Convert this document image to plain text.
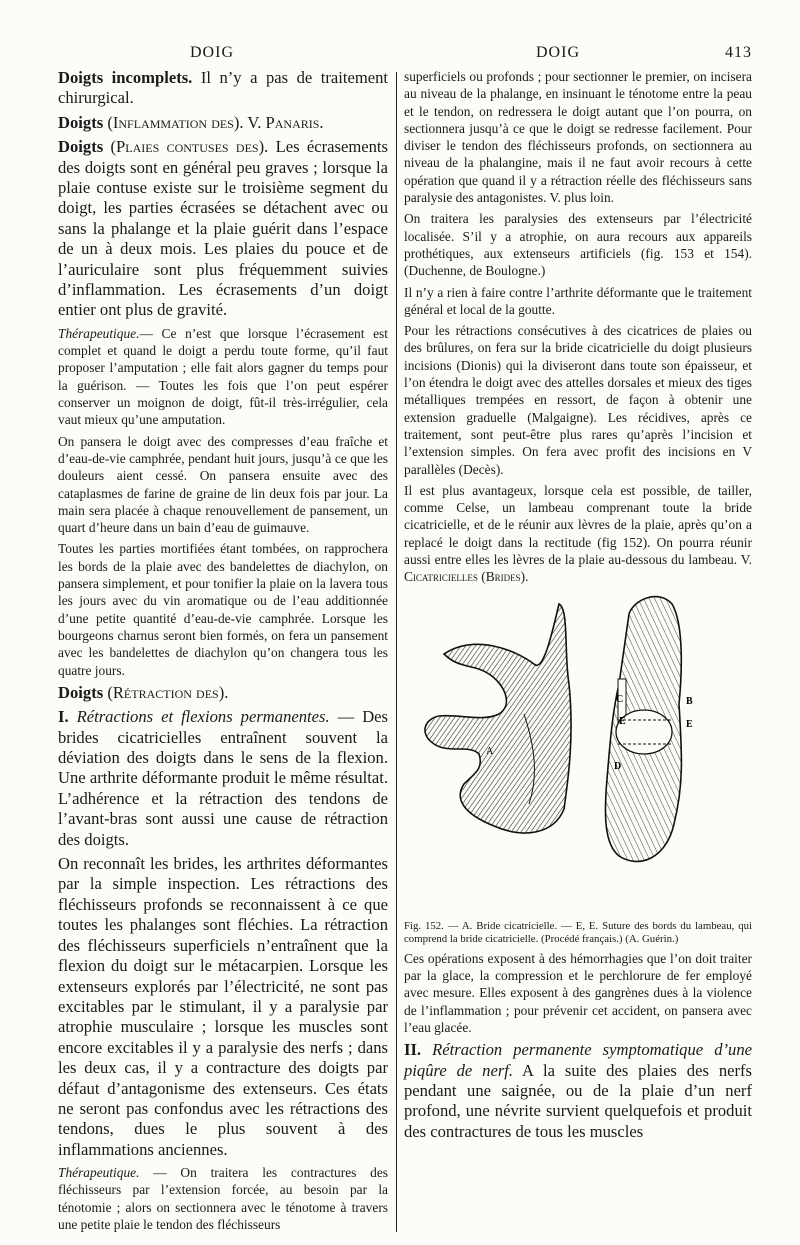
DOIG	DOIG	413

Doigts incomplets. Il n’y a pas de traitement chirurgical.

Doigts (Inflammation des). V. Panaris.

Doigts (Plaies contuses des). Les écrasements des doigts sont en général peu graves ; lorsque la plaie contuse existe sur le troisième segment du doigt, les parties écrasées se détachent avec ou sans la phalange et la plaie guérit dans l’espace de un à deux mois. Les plaies du pouce et de l’auriculaire sont plus fréquemment suivies d’inflammation. Les écrasements d’un doigt entier ont plus de gravité.

Thérapeutique.— Ce n’est que lorsque l’écrasement est complet et quand le doigt a perdu toute forme, qu’il faut proposer l’amputation ; elle fait alors gagner du temps pour la guérison. — Toutes les fois que l’on peut espérer conserver un moignon de doigt, fût-il très-irrégulier, cela vaut mieux qu’une amputation.

On pansera le doigt avec des compresses d’eau fraîche et d’eau-de-vie camphrée, pendant huit jours, jusqu’à ce que les douleurs aient cessé. On pansera ensuite avec des cataplasmes de farine de graine de lin deux fois par jour. La main sera placée à chaque renouvellement de pansement, un quart d’heure dans un bain d’eau de guimauve.

Toutes les parties mortifiées étant tombées, on rapprochera les bords de la plaie avec des bandelettes de diachylon, on pansera simplement, et pour tonifier la plaie on la lavera tous les jours avec du vin aromatique ou de l’eau additionnée d’une petite quantité d’eau-de-vie camphrée. Lorsque les bourgeons charnus seront bien formés, on fera un pansement avec les bandelettes de diachylon qu’on changera tous les quatre jours.

Doigts (Rétraction des).

I. Rétractions et flexions permanentes. — Des brides cicatricielles entraînent souvent la déviation des doigts dans le sens de la flexion. Une arthrite déformante produit le même résultat. L’adhérence et la rétraction des tendons de l’avant-bras sont aussi une cause de rétraction des doigts.

On reconnaît les brides, les arthrites déformantes par la simple inspection. Les rétractions des fléchisseurs profonds se reconnaissent à ce que toutes les phalanges sont fléchies. La rétraction des fléchisseurs superficiels n’entraînent que la flexion du doigt sur le métacarpien. Lorsque les extenseurs explorés par l’électricité, ne sont pas excitables par le stimulant, il y a paralysie par atrophie musculaire ; lorsque les muscles sont encore excitables il y a paralysie des nerfs ; dans les deux cas, il y a contracture des doigts par défaut d’antagonisme des extenseurs. Ces états ne seront pas confondus avec les rétractions des tendons, dues le plus souvent à des inflammations anciennes.

Thérapeutique. — On traitera les contractures des fléchisseurs par l’extension forcée, au besoin par la ténotomie ; alors on sectionnera avec le ténotome à travers une petite plaie le tendon des fléchisseurs

superficiels ou profonds ; pour sectionner le premier, on incisera au niveau de la phalange, en insinuant le ténotome entre la peau et le tendon, on redressera le doigt autant que l’on pourra, on sectionnera jusqu’à ce que le doigt se redresse facilement. Pour diviser le tendon des fléchisseurs profonds, on sectionnera au niveau de la phalangine, mais il ne faut avoir recours à cette opération que quand il y a rétraction réelle des fléchisseurs sans paralysie des antagonistes. V. plus loin.

On traitera les paralysies des extenseurs par l’électricité localisée. S’il y a atrophie, on aura recours aux appareils prothétiques, aux extenseurs artificiels (fig. 153 et 154). (Duchenne, de Boulogne.)

Il n’y a rien à faire contre l’arthrite déformante que le traitement général et local de la goutte.

Pour les rétractions consécutives à des cicatrices de plaies ou des brûlures, on fera sur la bride cicatricielle du doigt plusieurs incisions (Dionis) qui la diviseront dans toute son épaisseur, et l’on étendra le doigt avec des attelles dorsales et mieux des tiges métalliques trempées en ressort, de façon à obtenir une extension graduelle (Malgaigne). Les récidives, après ce traitement, sont peut-être plus rares qu’après l’incision et l’extension simples. On fera avec profit des incisions en V parallèles (Decès).

Il est plus avantageux, lorsque cela est possible, de tailler, comme Celse, un lambeau comprenant toute la bride cicatricielle, et de le réunir aux lèvres de la plaie, après qu’on a replacé le doigt dans la rectitude (fig 152). On pourra réunir aussi entre elles les lèvres de la plaie au-dessous du lambeau. V. Cicatricielles (Brides).

A
B
C
D
E	E

Fig. 152. — A. Bride cicatricielle. — E, E. Suture des bords du lambeau, qui comprend la bride cicatricielle. (Procédé français.) (A. Guérin.)

Ces opérations exposent à des hémorrhagies que l’on doit traiter par la glace, la compression et le perchlorure de fer employé avec mesure. Elles exposent à des gangrènes dues à la violence de l’inflammation ; pour prévenir cet accident, on pansera avec l’eau glacée.

II. Rétraction permanente symptomatique d’une piqûre de nerf. A la suite des plaies des nerfs pendant une saignée, ou de la plaie d’un nerf profond, une névrite survient quelquefois et produit des contractures de tous les muscles
